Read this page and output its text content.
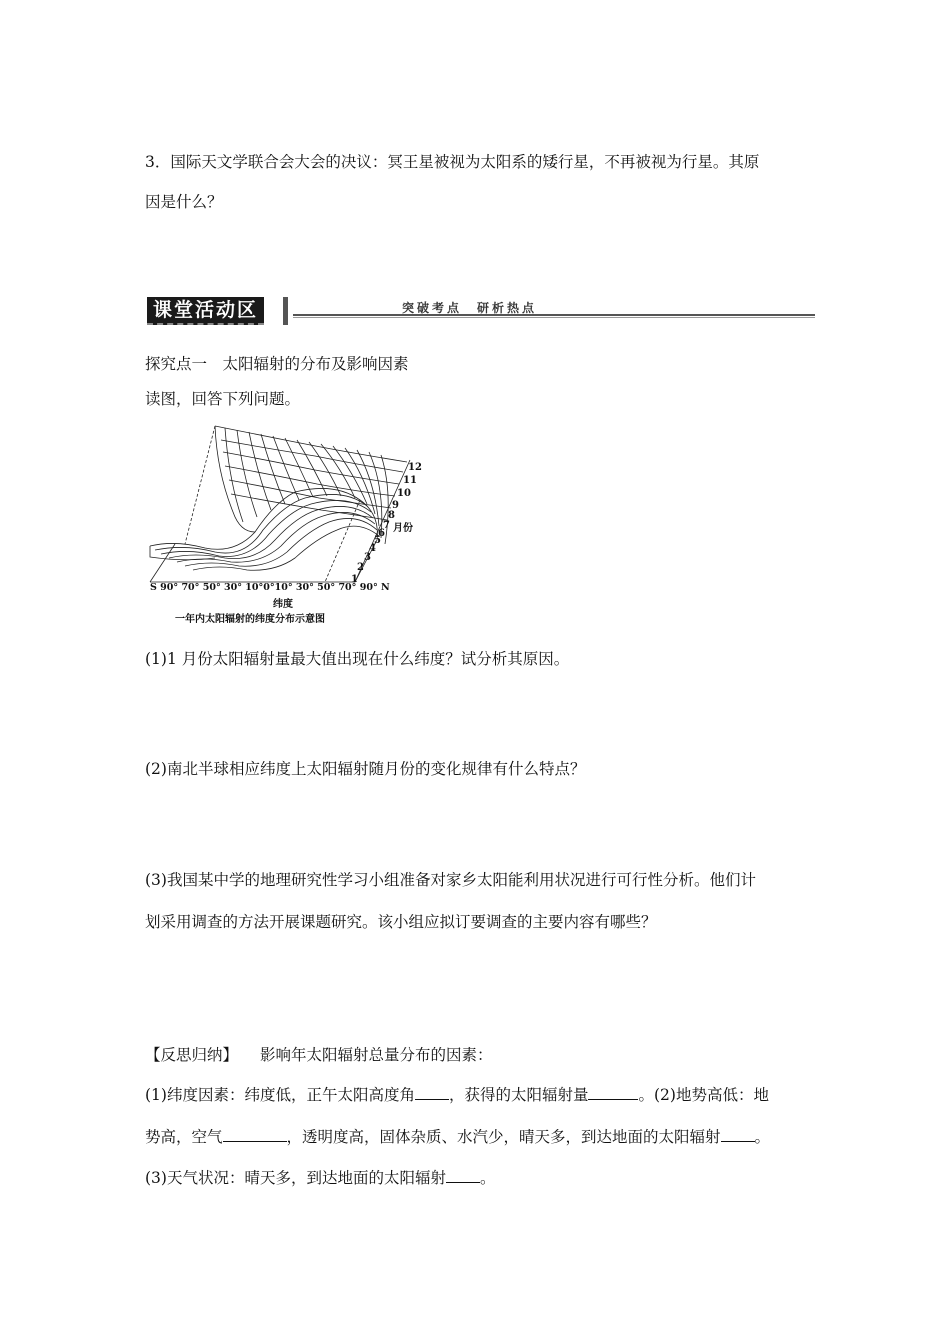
3．国际天文学联合会大会的决议：冥王星被视为太阳系的矮行星，不再被视为行星。其原
因是什么？
课堂活动区	突破考点　研析热点
探究点一　太阳辐射的分布及影响因素
读图，回答下列问题。
12
11
10
9
8
7
6
5
4
3
2
1
月份
S 90° 70° 50° 30° 10°0°10° 30° 50° 70° 90° N
纬度
一年内太阳辐射的纬度分布示意图
(1)1 月份太阳辐射量最大值出现在什么纬度？试分析其原因。
(2)南北半球相应纬度上太阳辐射随月份的变化规律有什么特点？
(3)我国某中学的地理研究性学习小组准备对家乡太阳能利用状况进行可行性分析。他们计
划采用调查的方法开展课题研究。该小组应拟订要调查的主要内容有哪些？
【反思归纳】 影响年太阳辐射总量分布的因素：
(1)纬度因素：纬度低，正午太阳高度角 ，获得的太阳辐射量	。(2)地势高低：地
势高，空气	，透明度高，固体杂质、水汽少，晴天多，到达地面的太阳辐射 。
(3)天气状况：晴天多，到达地面的太阳辐射 。
